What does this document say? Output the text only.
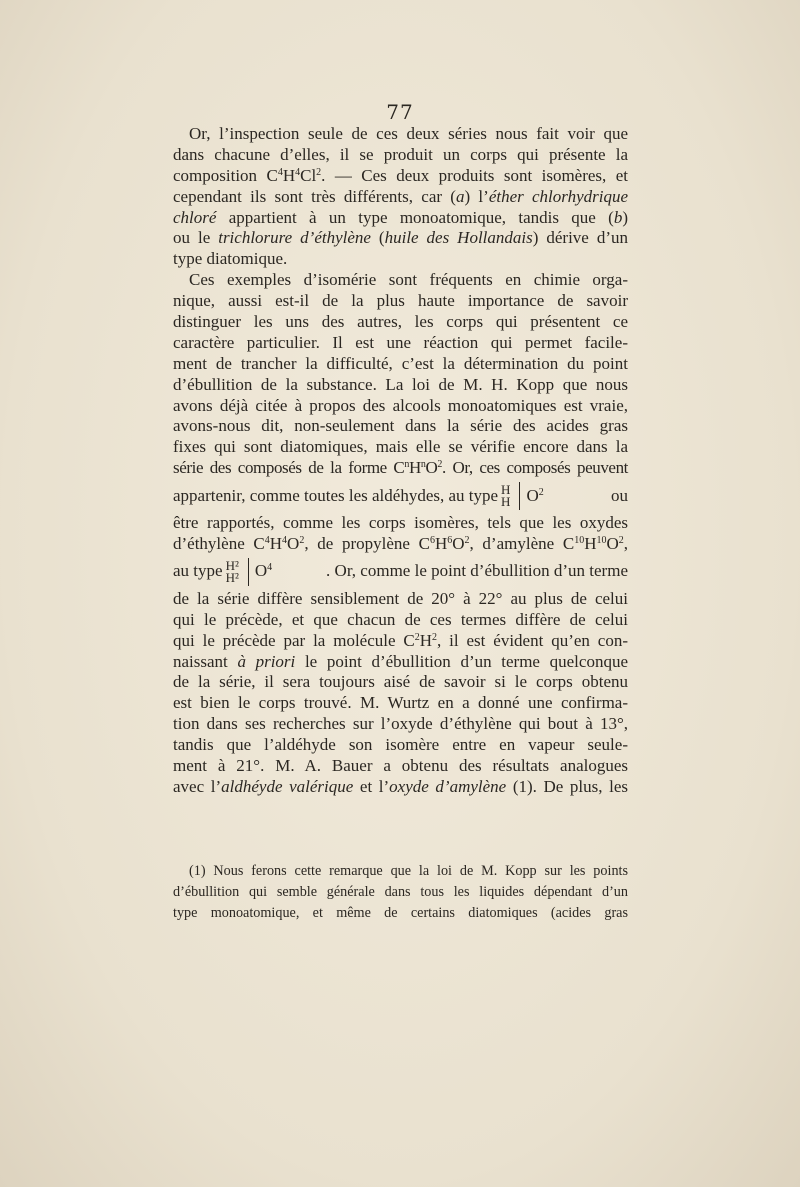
77
Or, l’inspection seule de ces deux séries nous fait voir que
dans chacune d’elles, il se produit un corps qui présente la
composition $C^4H^4Cl^2$. — Ces deux produits sont isomères, et
cependant ils sont très différents, car (a) l’éther chlorhydrique
chloré appartient à un type monoatomique, tandis que (b)
ou le trichlorure d’éthylène (huile des Hollandais) dérive d’un
type diatomique.
Ces exemples d’isomérie sont fréquents en chimie orga-
nique, aussi est-il de la plus haute importance de savoir
distinguer les uns des autres, les corps qui présentent ce
caractère particulier. Il est une réaction qui permet facile-
ment de trancher la difficulté, c’est la détermination du point
d’ébullition de la substance. La loi de M. H. Kopp que nous
avons déjà citée à propos des alcools monoatomiques est vraie,
avons-nous dit, non-seulement dans la série des acides gras
fixes qui sont diatomiques, mais elle se vérifie encore dans la
série des composés de la forme $C^nH^nO^2$. Or, ces composés peuvent
appartenir, comme toutes les aldéhydes, au type H
H $O^2$	ou
être rapportés, comme les corps isomères, tels que les oxydes
d’éthylène $C^4H^4O^2$, de propylène $C^6H^6O^2$, d’amylène $C^{10}H^{10}O^2$,
au type H²
H² $O^4$	. Or, comme le point d’ébullition d’un terme
de la série diffère sensiblement de 20° à 22° au plus de celui
qui le précède, et que chacun de ces termes diffère de celui
qui le précède par la molécule $C^2H^2$, il est évident qu’en con-
naissant à priori le point d’ébullition d’un terme quelconque
de la série, il sera toujours aisé de savoir si le corps obtenu
est bien le corps trouvé. M. Wurtz en a donné une confirma-
tion dans ses recherches sur l’oxyde d’éthylène qui bout à 13°,
tandis que l’aldéhyde son isomère entre en vapeur seule-
ment à 21°. M. A. Bauer a obtenu des résultats analogues
avec l’aldhéyde valérique et l’oxyde d’amylène (1). De plus, les
(1) Nous ferons cette remarque que la loi de M. Kopp sur les points
d’ébullition qui semble générale dans tous les liquides dépendant d’un
type monoatomique, et même de certains diatomiques (acides gras
